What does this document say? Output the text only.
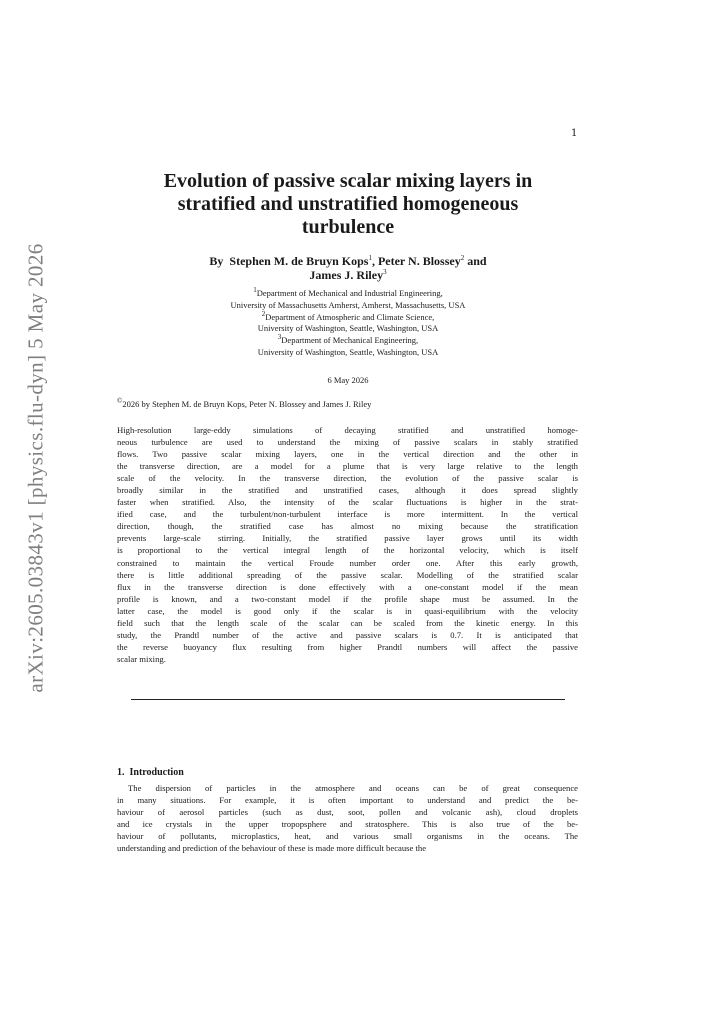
1
arXiv:2605.03843v1 [physics.flu-dyn] 5 May 2026
Evolution of passive scalar mixing layers in
stratified and unstratified homogeneous
turbulence
By Stephen M. de Bruyn Kops$^1$, Peter N. Blossey$^2$ and
James J. Riley$^3$
$^1$Department of Mechanical and Industrial Engineering,
University of Massachusetts Amherst, Amherst, Massachusetts, USA
$^2$Department of Atmospheric and Climate Science,
University of Washington, Seattle, Washington, USA
$^3$Department of Mechanical Engineering,
University of Washington, Seattle, Washington, USA
6 May 2026
©2026 by Stephen M. de Bruyn Kops, Peter N. Blossey and James J. Riley
High-resolution large-eddy simulations of decaying stratified and unstratified homoge-
neous turbulence are used to understand the mixing of passive scalars in stably stratified
flows. Two passive scalar mixing layers, one in the vertical direction and the other in
the transverse direction, are a model for a plume that is very large relative to the length
scale of the velocity. In the transverse direction, the evolution of the passive scalar is
broadly similar in the stratified and unstratified cases, although it does spread slightly
faster when stratified. Also, the intensity of the scalar fluctuations is higher in the strat-
ified case, and the turbulent/non-turbulent interface is more intermittent. In the vertical
direction, though, the stratified case has almost no mixing because the stratification
prevents large-scale stirring. Initially, the stratified passive layer grows until its width
is proportional to the vertical integral length of the horizontal velocity, which is itself
constrained to maintain the vertical Froude number order one. After this early growth,
there is little additional spreading of the passive scalar. Modelling of the stratified scalar
flux in the transverse direction is done effectively with a one-constant model if the mean
profile is known, and a two-constant model if the profile shape must be assumed. In the
latter case, the model is good only if the scalar is in quasi-equilibrium with the velocity
field such that the length scale of the scalar can be scaled from the kinetic energy. In this
study, the Prandtl number of the active and passive scalars is 0.7. It is anticipated that
the reverse buoyancy flux resulting from higher Prandtl numbers will affect the passive
scalar mixing.
1. Introduction
The dispersion of particles in the atmosphere and oceans can be of great consequence
in many situations. For example, it is often important to understand and predict the be-
haviour of aerosol particles (such as dust, soot, pollen and volcanic ash), cloud droplets
and ice crystals in the upper tropopsphere and stratosphere. This is also true of the be-
haviour of pollutants, microplastics, heat, and various small organisms in the oceans. The
understanding and prediction of the behaviour of these is made more difficult because the
